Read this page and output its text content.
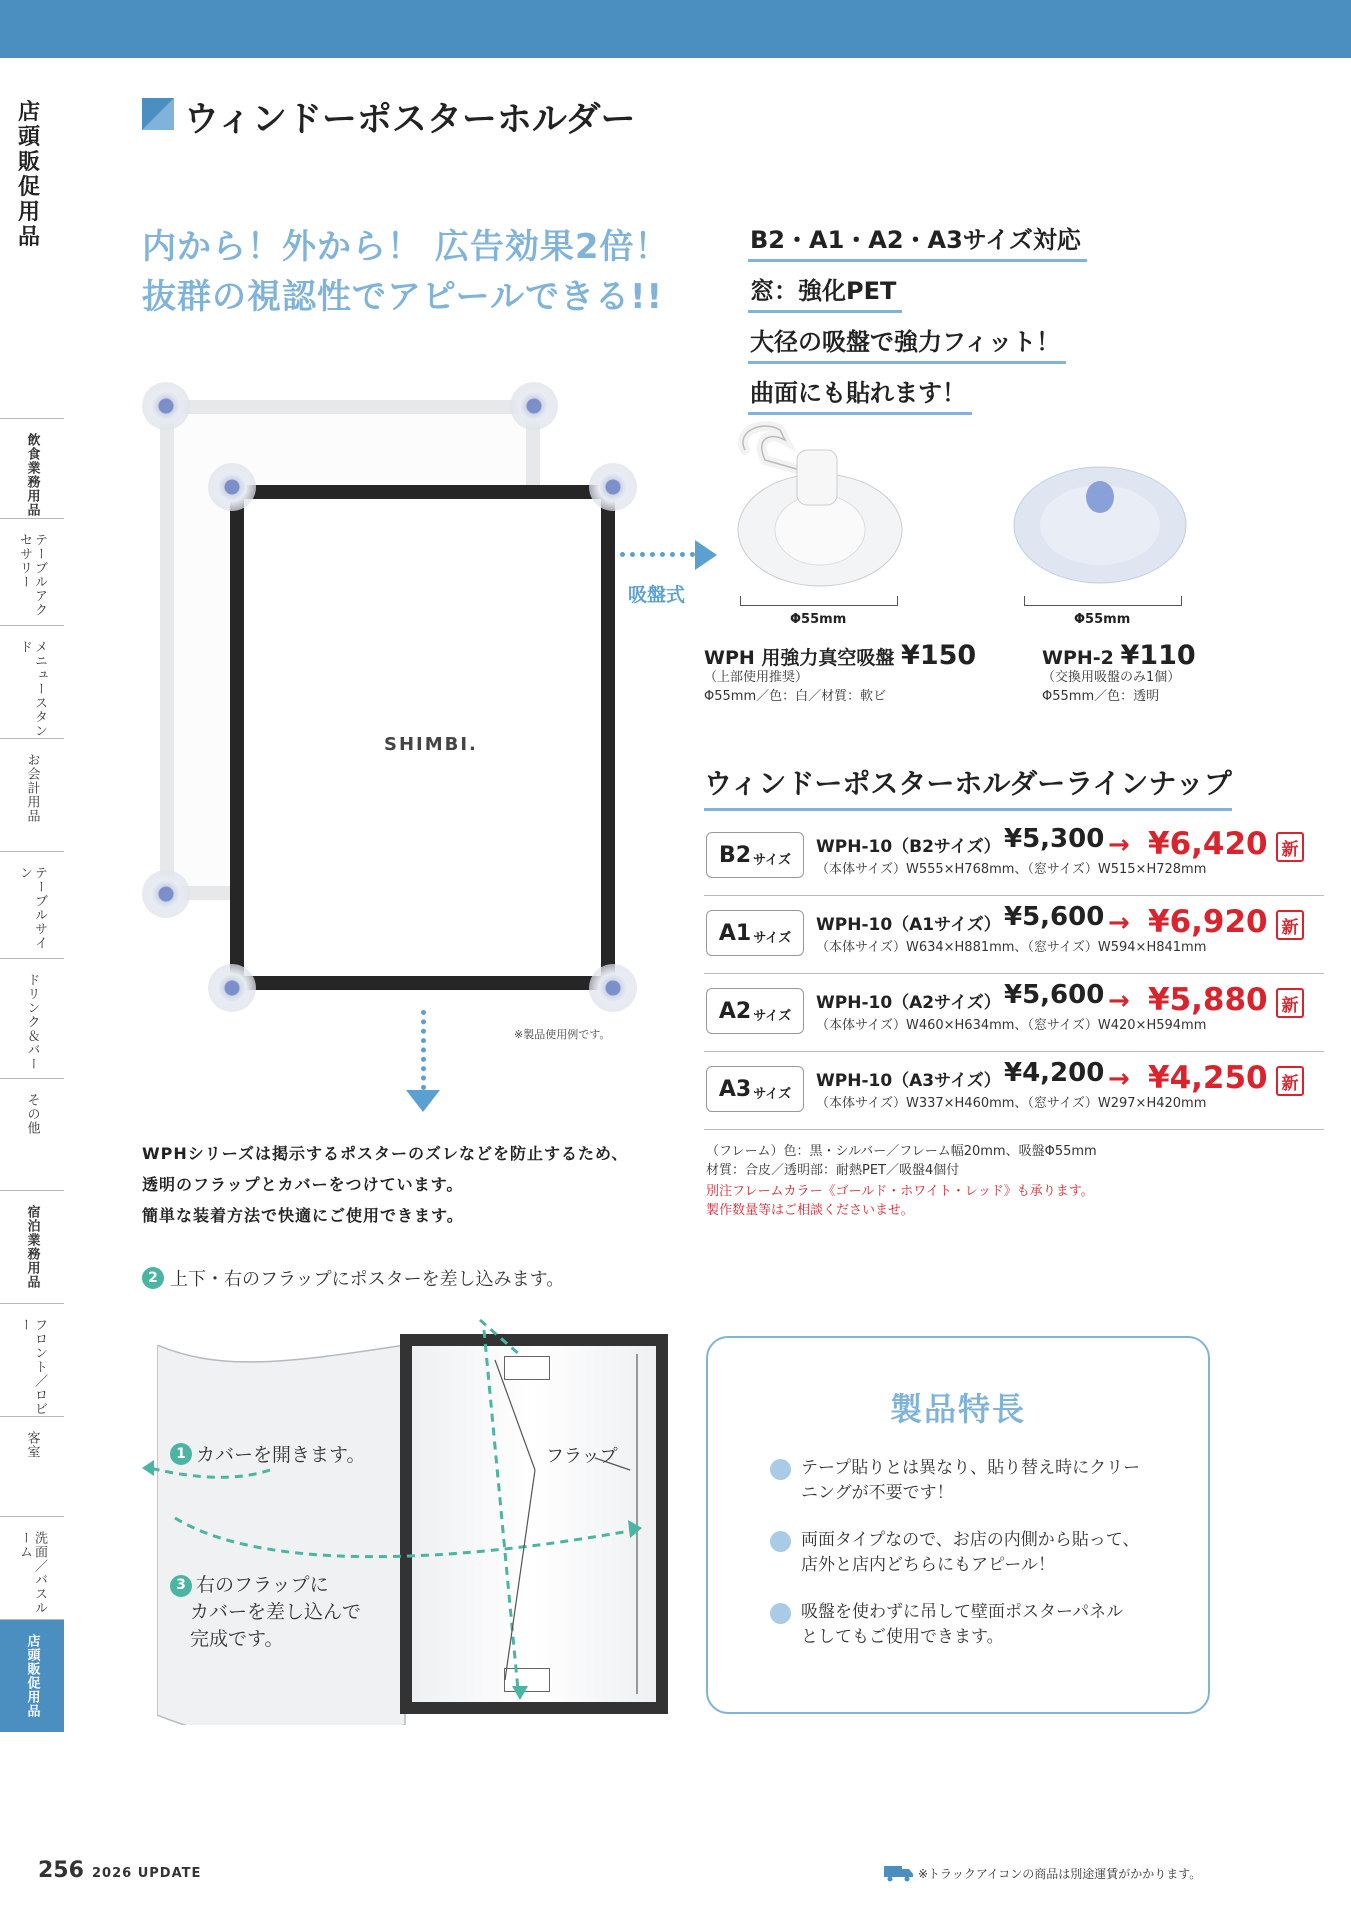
店頭販促用品
飲食業務用品
テーブルアクセサリー
メニュースタンド
お会計用品
テーブルサイン
ドリンク＆バー
その他
宿泊業務用品
フロント／ロビー
客室
洗面／バスルーム
店頭販促用品
ウィンドーポスターホルダー
内から！外から！ 広告効果2倍！
抜群の視認性でアピールできる!!
B2・A1・A2・A3サイズ対応
窓：強化PET
大径の吸盤で強力フィット！
曲面にも貼れます！
SHIMBI.
※製品使用例です。
吸盤式
Φ55mm	Φ55mm
WPH 用強力真空吸盤 ¥150
（上部使用推奨）
Φ55mm／色：白／材質：軟ビ
WPH-2 ¥110
（交換用吸盤のみ1個）
Φ55mm／色：透明
ウィンドーポスターホルダーラインナップ
B2 サイズ
WPH-10（B2サイズ） ¥5,300 → ¥6,420 新
（本体サイズ）W555×H768mm、（窓サイズ）W515×H728mm
A1 サイズ
WPH-10（A1サイズ） ¥5,600 → ¥6,920 新
（本体サイズ）W634×H881mm、（窓サイズ）W594×H841mm
A2 サイズ
WPH-10（A2サイズ） ¥5,600 → ¥5,880 新
（本体サイズ）W460×H634mm、（窓サイズ）W420×H594mm
A3 サイズ
WPH-10（A3サイズ） ¥4,200 → ¥4,250 新
（本体サイズ）W337×H460mm、（窓サイズ）W297×H420mm
（フレーム）色：黒・シルバー／フレーム幅20mm、吸盤Φ55mm
材質：合皮／透明部：耐熱PET／吸盤4個付
別注フレームカラー《ゴールド・ホワイト・レッド》も承ります。
製作数量等はご相談くださいませ。
WPHシリーズは掲示するポスターのズレなどを防止するため、
透明のフラップとカバーをつけています。
簡単な装着方法で快適にご使用できます。
2 上下・右のフラップにポスターを差し込みます。
1 カバーを開きます。
3 右のフラップに
カバーを差し込んで
完成です。
フラップ
製品特長
テープ貼りとは異なり、貼り替え時にクリー
ニングが不要です！
両面タイプなので、お店の内側から貼って、
店外と店内どちらにもアピール！
吸盤を使わずに吊して壁面ポスターパネル
としてもご使用できます。
256 2026 UPDATE	※トラックアイコンの商品は別途運賃がかかります。
